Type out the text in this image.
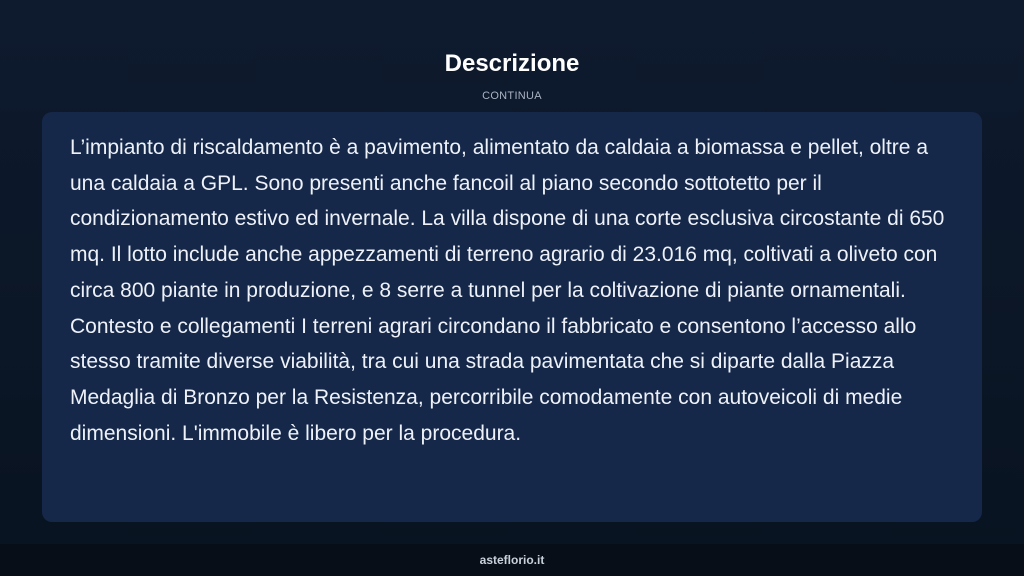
Descrizione
CONTINUA

L’impianto di riscaldamento è a pavimento, alimentato da caldaia a biomassa e pellet, oltre a una caldaia a GPL. Sono presenti anche fancoil al piano secondo sottotetto per il condizionamento estivo ed invernale. La villa dispone di una corte esclusiva circostante di 650 mq. Il lotto include anche appezzamenti di terreno agrario di 23.016 mq, coltivati a oliveto con circa 800 piante in produzione, e 8 serre a tunnel per la coltivazione di piante ornamentali. Contesto e collegamenti I terreni agrari circondano il fabbricato e consentono l’accesso allo stesso tramite diverse viabilità, tra cui una strada pavimentata che si diparte dalla Piazza Medaglia di Bronzo per la Resistenza, percorribile comodamente con autoveicoli di medie dimensioni. L'immobile è libero per la procedura.

asteflorio.it
